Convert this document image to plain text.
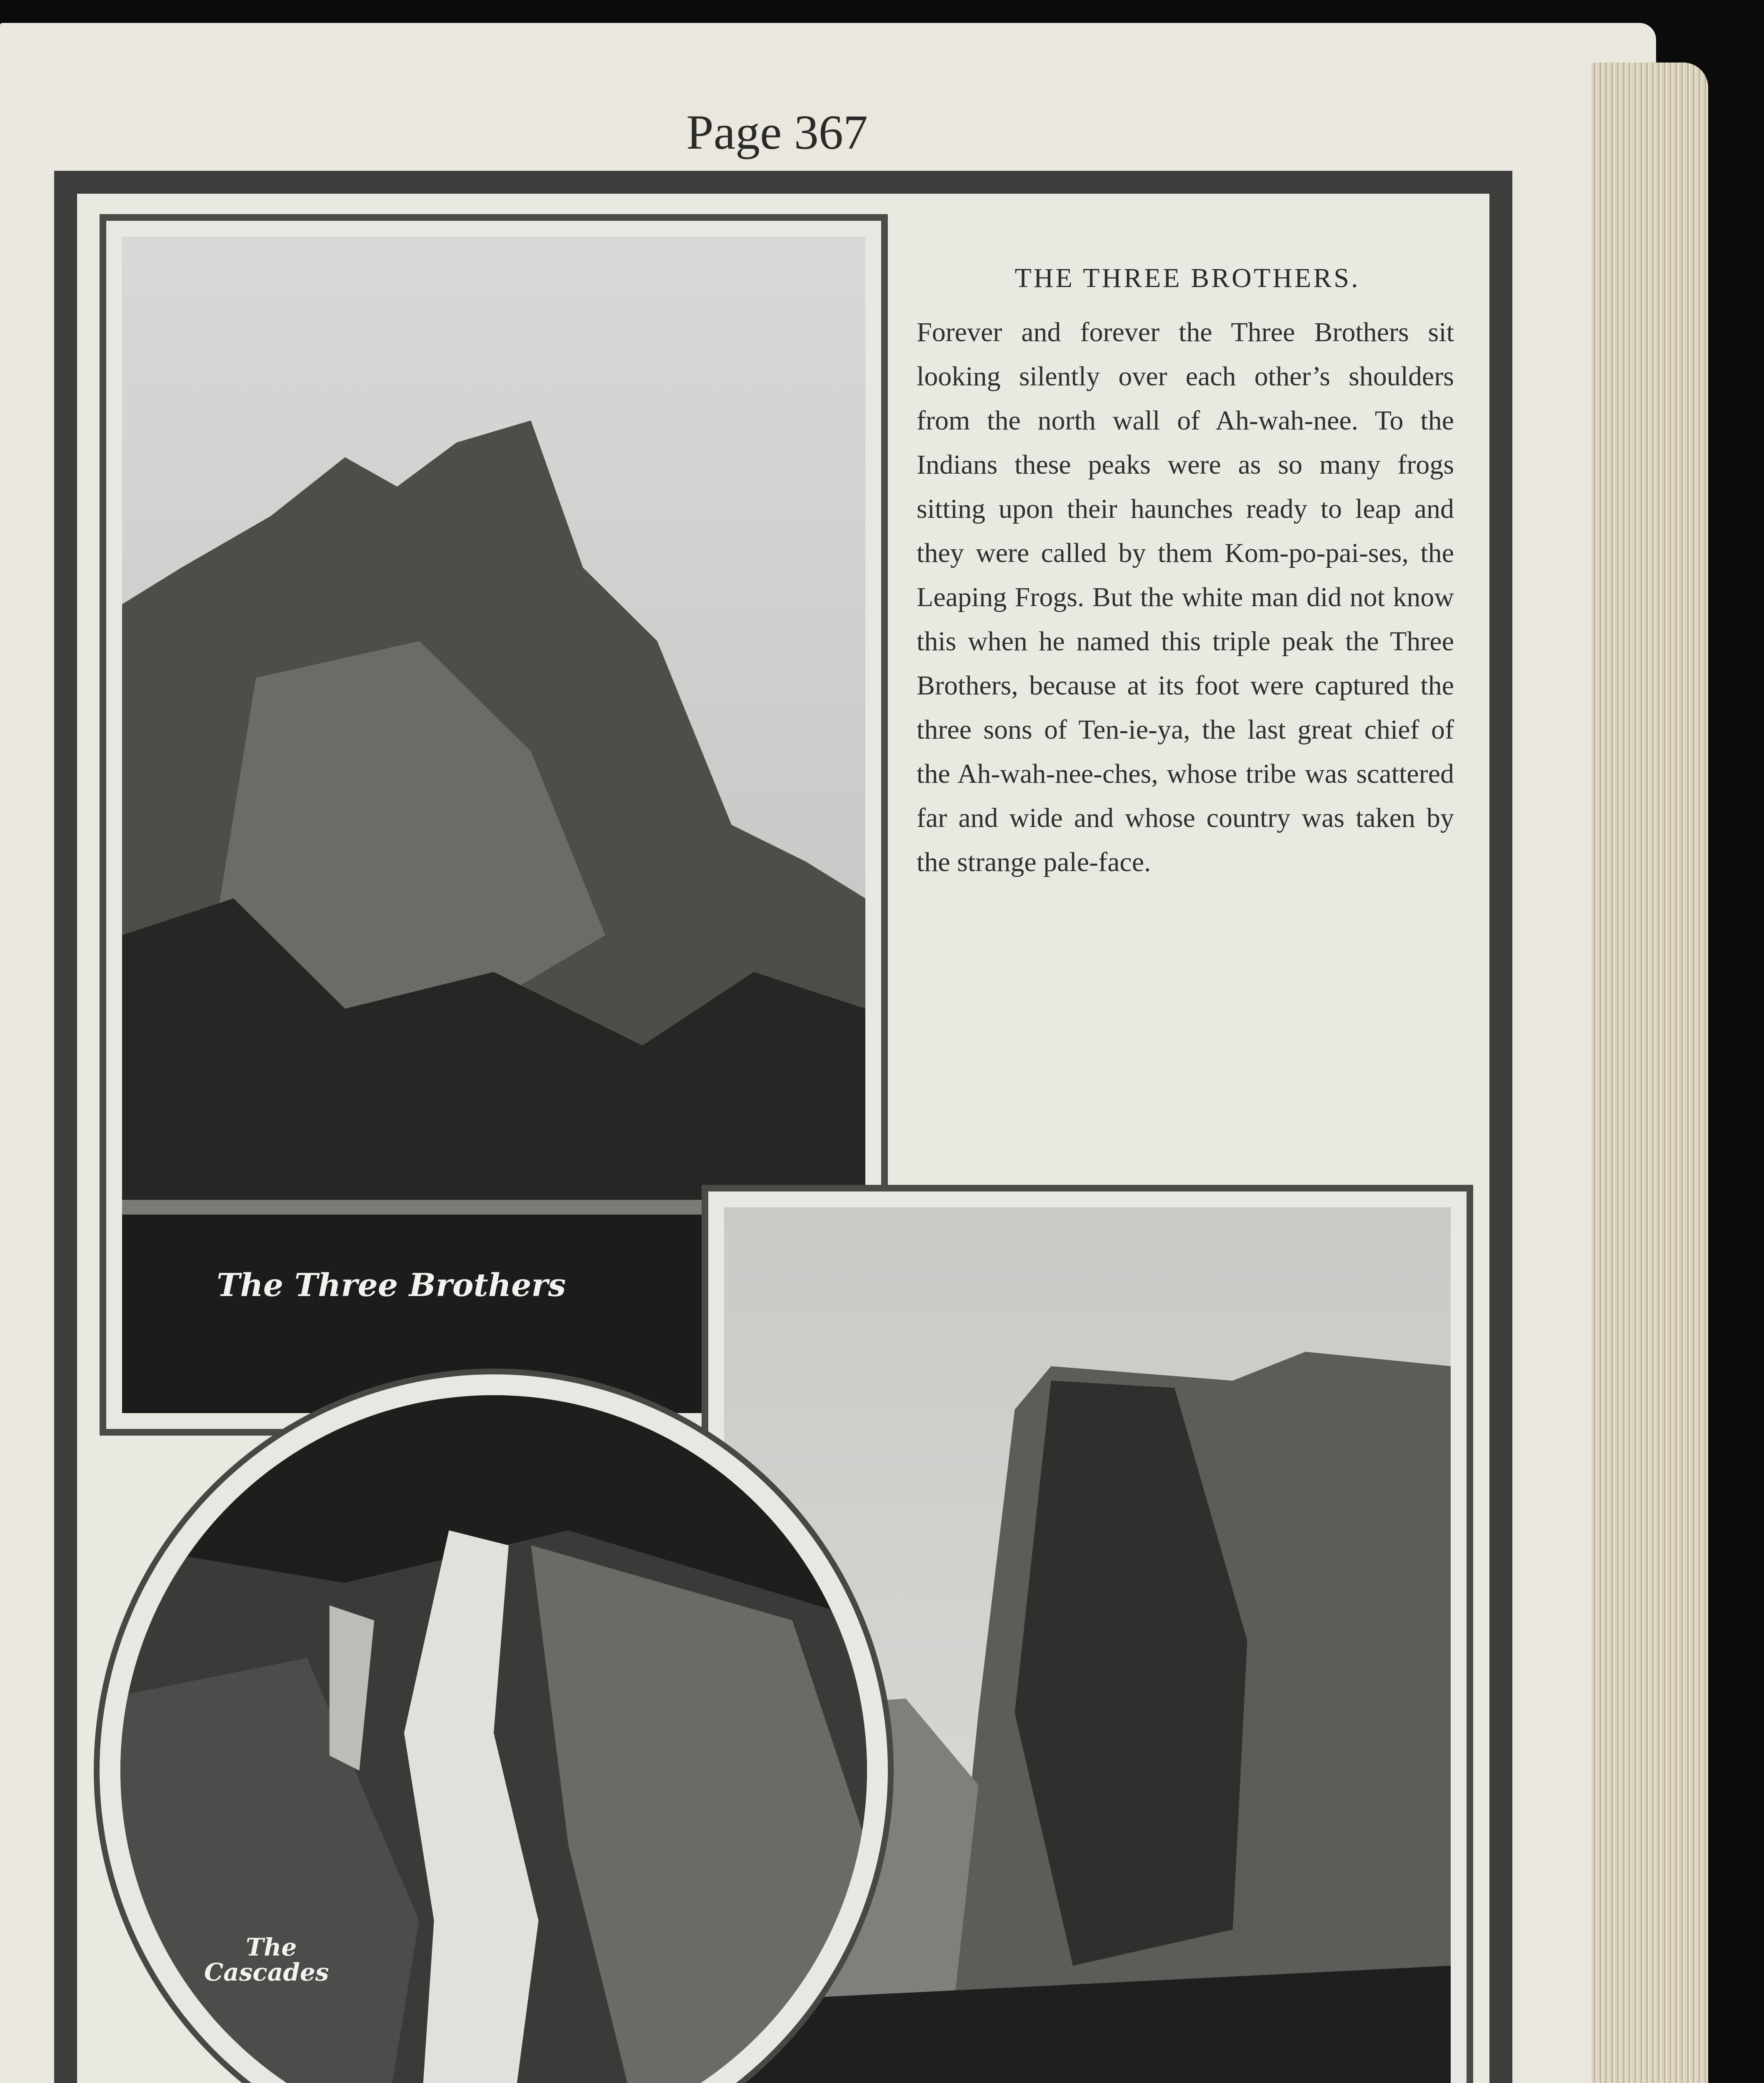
Page 367
The Three Brothers
THE THREE BROTHERS.
Forever and forever the Three Brothers sit looking silently over each other’s shoulders from the north wall of Ah-wah-nee. To the Indians these peaks were as so many frogs sitting upon their haunches ready to leap and they were called by them Kom-po-pai-ses, the Leaping Frogs. But the white man did not know this when he named this triple peak the Three Brothers, because at its foot were captured the three sons of Ten-ie-ya, the last great chief of the Ah-wah-nee-ches, whose tribe was scattered far and wide and whose country was taken by the strange pale-face.
The
Cascades
